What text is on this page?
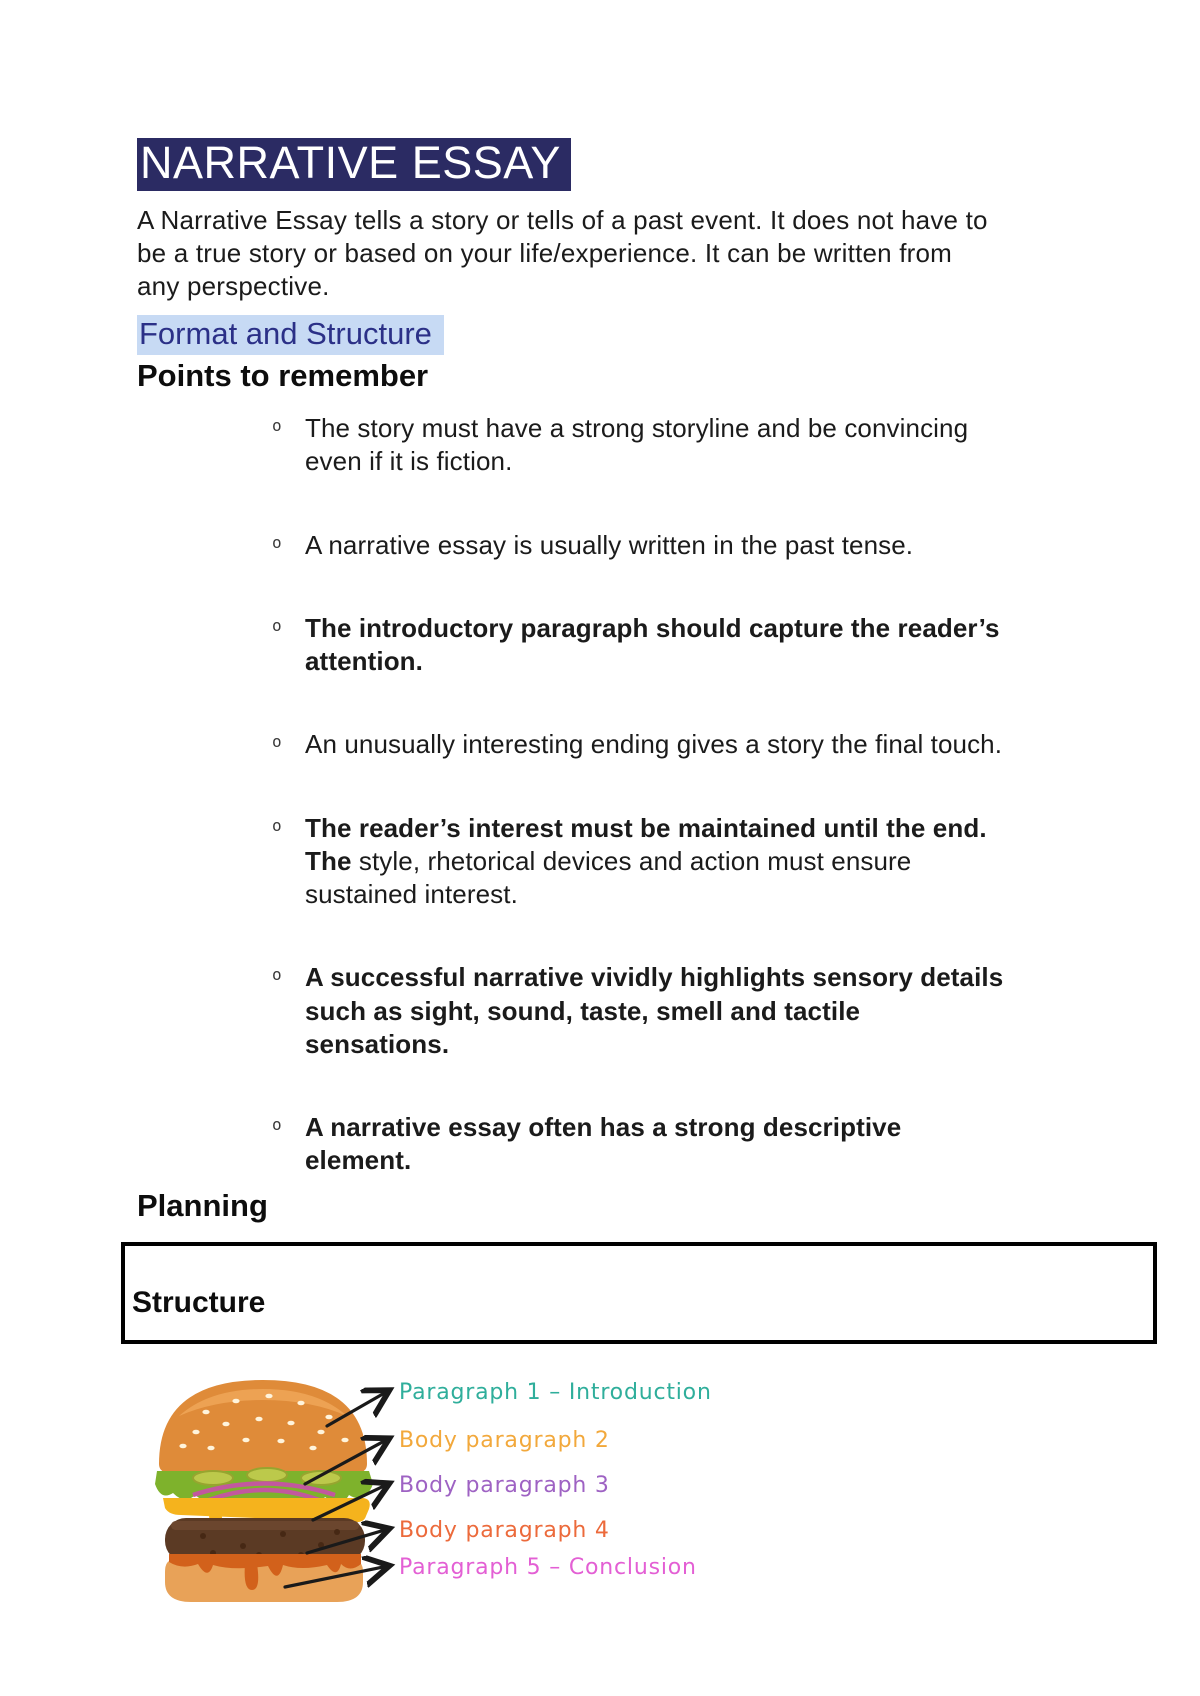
NARRATIVE ESSAY
A Narrative Essay tells a story or tells of a past event. It does not have to
be a true story or based on your life/experience. It can be written from
any perspective.
Format and Structure
Points to remember
o The story must have a strong storyline and be convincing even if it is fiction.
o A narrative essay is usually written in the past tense.
o The introductory paragraph should capture the reader’s attention.
o An unusually interesting ending gives a story the final touch.
o The reader’s interest must be maintained until the end. The style, rhetorical devices and action must ensure sustained interest.
o A successful narrative vividly highlights sensory details such as sight, sound, taste, smell and tactile sensations.
o A narrative essay often has a strong descriptive element.
Planning
Structure
Paragraph 1 – Introduction
Body paragraph 2
Body paragraph 3
Body paragraph 4
Paragraph 5 – Conclusion
